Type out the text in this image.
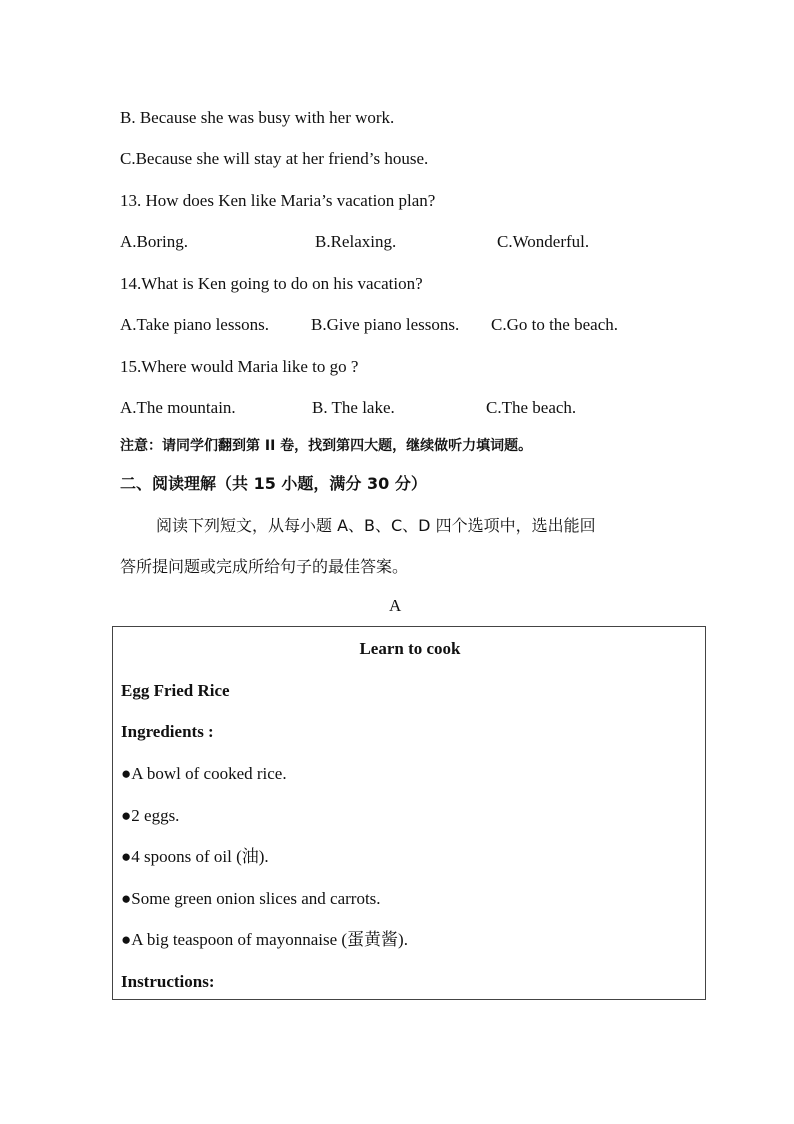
B. Because she was busy with her work.
C.Because she will stay at her friend’s house.
13. How does Ken like Maria’s vacation plan?
A.Boring.	B.Relaxing.	C.Wonderful.
14.What is Ken going to do on his vacation?
A.Take piano lessons. B.Give piano lessons. C.Go to the beach.
15.Where would Maria like to go ?
A.The mountain.	B. The lake.	C.The beach.
注意：请同学们翻到第 II 卷，找到第四大题，继续做听力填词题。
二、阅读理解（共 15 小题，满分 30 分）
阅读下列短文，从每小题 A、B、C、D 四个选项中，选出能回
答所提问题或完成所给句子的最佳答案。
A
Learn to cook
Egg Fried Rice
Ingredients :
●A bowl of cooked rice.
●2 eggs.
●4 spoons of oil (油).
●Some green onion slices and carrots.
●A big teaspoon of mayonnaise (蛋黄酱).
Instructions:
